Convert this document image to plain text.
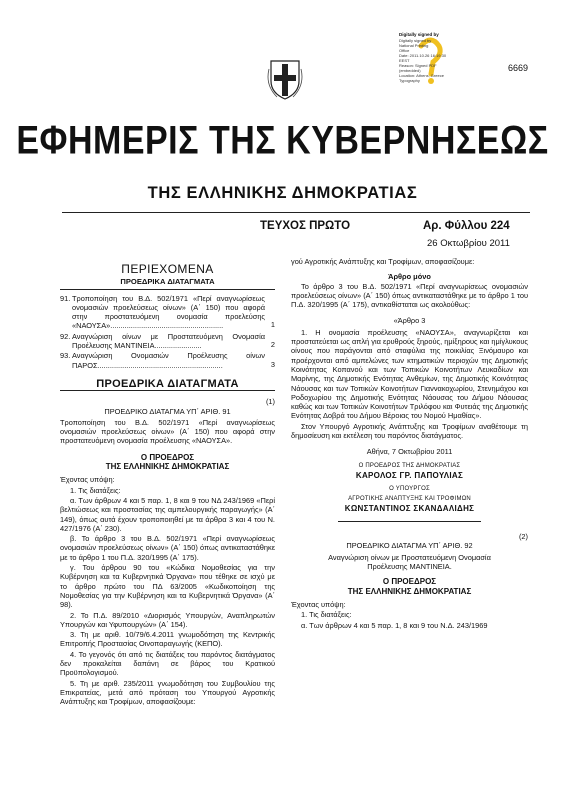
Digitally signed by
Digitally signed by
National Printing
Office
Date: 2011.10.26 16:19:30
EEST
Reason: Signed PDF
(embedded)
Location: Athens, Greece
Typography
6669
ΕΦΗΜΕΡΙΣ ΤΗΣ ΚΥΒΕΡΝΗΣΕΩΣ
ΤΗΣ ΕΛΛΗΝΙΚΗΣ ΔΗΜΟΚΡΑΤΙΑΣ
ΤΕΥΧΟΣ ΠΡΩΤΟ	Αρ. Φύλλου 224
26 Οκτωβρίου 2011
ΠΕΡΙΕΧΟΜΕΝΑ
ΠΡΟΕΔΡΙΚΑ ΔΙΑΤΑΓΜΑΤΑ
91. Τροποποίηση του Β.Δ. 502/1971 «Περί αναγνωρίσεως ονομασιών προελεύσεως οίνων» (Α΄ 150) που αφορά στην προστατευόμενη ονομασία προελεύσης «ΝΑΟΥΣΑ».......................................................	1
92. Αναγνώριση οίνων με Προστατευόμενη Ονομασία Προέλευσης ΜΑΝΤΙΝΕΙΑ.......................	2
93. Αναγνώριση Ονομασιών Προέλευσης οίνων ΠΑΡΟΣ.............................................................	3
ΠΡΟΕΔΡΙΚΑ ΔΙΑΤΑΓΜΑΤΑ
(1)
ΠΡΟΕΔΡΙΚΟ ΔΙΑΤΑΓΜΑ ΥΠ΄ ΑΡΙΘ. 91
Τροποποίηση του Β.Δ. 502/1971 «Περί αναγνωρίσεως ονομασιών προελεύσεως οίνων» (Α΄ 150) που αφορά στην προστατευόμενη ονομασία προέλευσης «ΝΑΟΥΣΑ».
Ο ΠΡΟΕΔΡΟΣ
ΤΗΣ ΕΛΛΗΝΙΚΗΣ ΔΗΜΟΚΡΑΤΙΑΣ
Έχοντας υπόψη:
1. Τις διατάξεις:
α. Των άρθρων 4 και 5 παρ. 1, 8 και 9 του ΝΔ 243/1969 «Περί βελτιώσεως και προστασίας της αμπελουργικής παραγωγής» (Α΄ 149), όπως αυτά έχουν τροποποιηθεί με τα άρθρα 3 και 4 του Ν. 427/1976 (Α΄ 230).
β. Το άρθρο 3 του Β.Δ. 502/1971 «Περί αναγνωρίσεως ονομασιών προελεύσεως οίνων» (Α΄ 150) όπως αντικαταστάθηκε με το άρθρο 1 του Π.Δ. 320/1995 (Α΄ 175).
γ. Του άρθρου 90 του «Κώδικα Νομοθεσίας για την Κυβέρνηση και τα Κυβερνητικά Όργανα» που τέθηκε σε ισχύ με το άρθρο πρώτο του ΠΔ 63/2005 «Κωδικοποίηση της Νομοθεσίας για την Κυβέρνηση και τα Κυβερνητικά Όργανα» (Α΄ 98).
2. Το Π.Δ. 89/2010 «Διορισμός Υπουργών, Αναπληρωτών Υπουργών και Υφυπουργών» (Α΄ 154).
3. Τη με αριθ. 10/79/6.4.2011 γνωμοδότηση της Κεντρικής Επιτροπής Προστασίας Οινοπαραγωγής (ΚΕΠΟ).
4. Το γεγονός ότι από τις διατάξεις του παρόντος διατάγματος δεν προκαλείται δαπάνη σε βάρος του Κρατικού Προϋπολογισμού.
5. Τη με αριθ. 235/2011 γνωμοδότηση του Συμβουλίου της Επικρατείας, μετά από πρόταση του Υπουργού Αγροτικής Ανάπτυξης και Τροφίμων, αποφασίζουμε:
γού Αγροτικής Ανάπτυξης και Τροφίμων, αποφασίζουμε:
Άρθρο μόνο
Το άρθρο 3 του Β.Δ. 502/1971 «Περί αναγνωρίσεως ονομασιών προελεύσεως οίνων» (Α΄ 150) όπως αντικαταστάθηκε με το άρθρο 1 του Π.Δ. 320/1995 (Α΄ 175), αντικαθίσταται ως ακολούθως:
«Άρθρο 3
1. Η ονομασία προέλευσης «ΝΑΟΥΣΑ», αναγνωρίζεται και προστατεύεται ως απλή για ερυθρούς ξηρούς, ημίξηρους και ημίγλυκους οίνους που παράγονται από σταφύλια της ποικιλίας Ξινόμαυρο και προέρχονται από αμπελώνες των κτηματικών περιοχών της Δημοτικής Κοινότητας Κοπανού και των Τοπικών Κοινοτήτων Λευκαδίων και Μαρίνης, της Δημοτικής Ενότητας Ανθεμίων, της Δημοτικής Κοινότητας Νάουσας και των Τοπικών Κοινοτήτων Γιαννακοχωρίου, Στενημάχου και Ροδοχωρίου της Δημοτικής Ενότητας Νάουσας του Δήμου Νάουσας καθώς και των Τοπικών Κοινοτήτων Τριλόφου και Φυτειάς της Δημοτικής Ενότητας Δοβρά του Δήμου Βέροιας του Νομού Ημαθίας».
Στον Υπουργό Αγροτικής Ανάπτυξης και Τροφίμων αναθέτουμε τη δημοσίευση και εκτέλεση του παρόντος διατάγματος.
Αθήνα, 7 Οκτωβρίου 2011
Ο ΠΡΟΕΔΡΟΣ ΤΗΣ ΔΗΜΟΚΡΑΤΙΑΣ
ΚΑΡΟΛΟΣ ΓΡ. ΠΑΠΟΥΛΙΑΣ
Ο ΥΠΟΥΡΓΟΣ
ΑΓΡΟΤΙΚΗΣ ΑΝΑΠΤΥΞΗΣ ΚΑΙ ΤΡΟΦΙΜΩΝ
ΚΩΝΣΤΑΝΤΙΝΟΣ ΣΚΑΝΔΑΛΙΔΗΣ
(2)
ΠΡΟΕΔΡΙΚΟ ΔΙΑΤΑΓΜΑ ΥΠ΄ ΑΡΙΘ. 92
Αναγνώριση οίνων με Προστατευόμενη Ονομασία Προέλευσης ΜΑΝΤΙΝΕΙΑ.
Ο ΠΡΟΕΔΡΟΣ
ΤΗΣ ΕΛΛΗΝΙΚΗΣ ΔΗΜΟΚΡΑΤΙΑΣ
Έχοντας υπόψη:
1. Τις διατάξεις:
α. Των άρθρων 4 και 5 παρ. 1, 8 και 9 του Ν.Δ. 243/1969
